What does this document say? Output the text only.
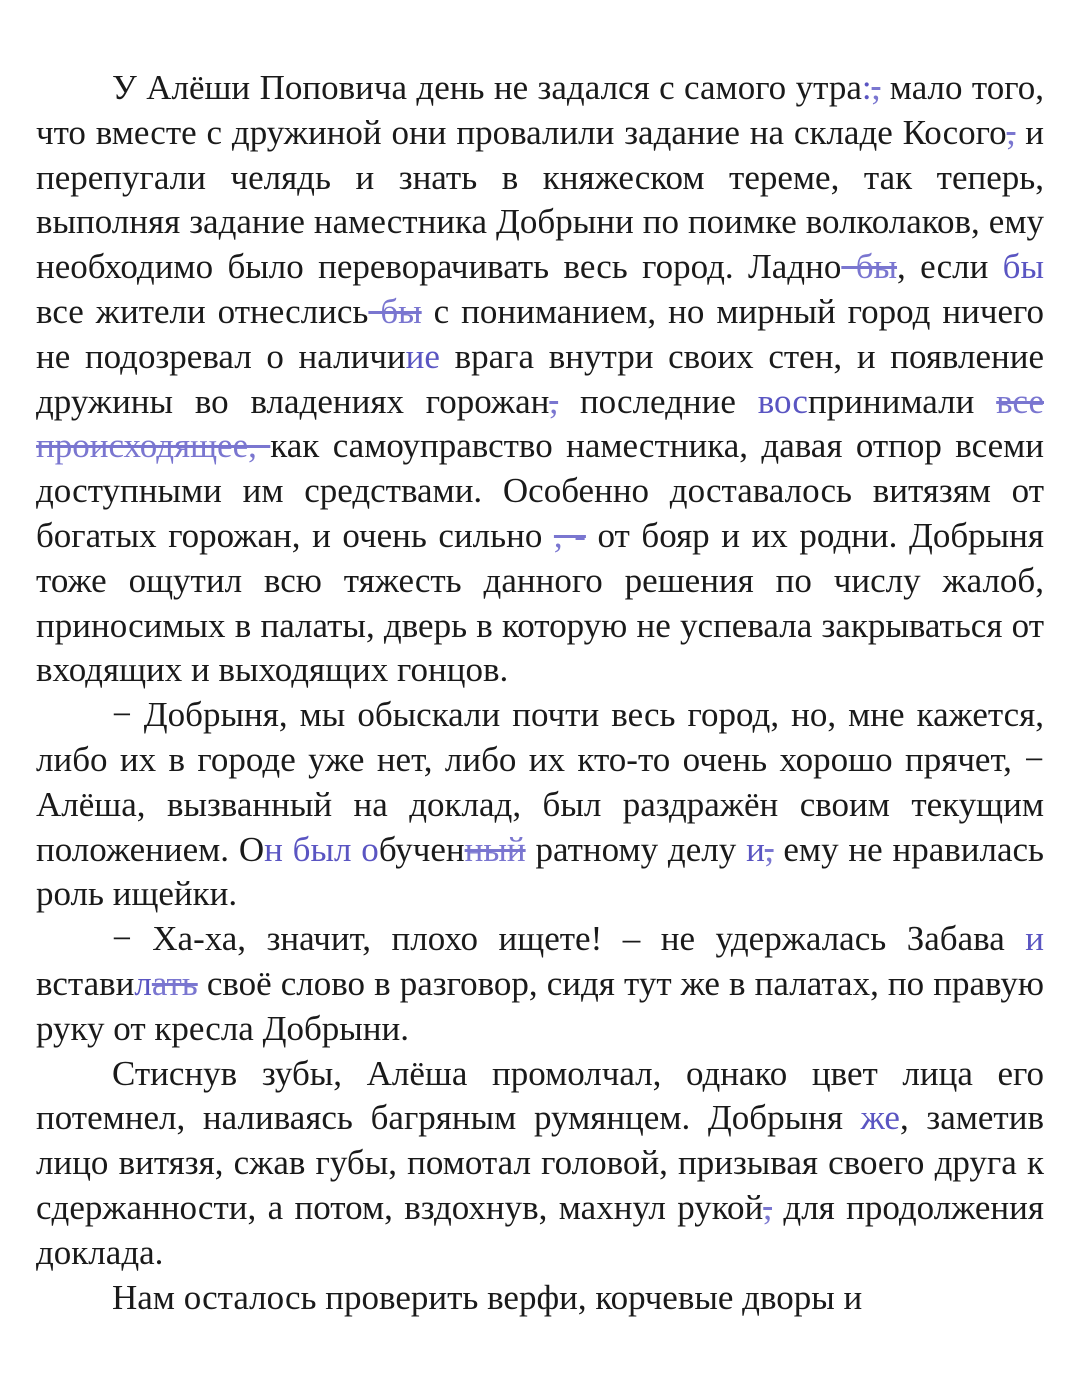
У Алёши Поповича день не задался с самого утра:, мало того, что вместе с дружиной они провалили задание на складе Косого, и перепугали челядь и знать в княжеском тереме, так теперь, выполняя задание наместника Добрыни по поимке волколаков, ему необходимо было переворачивать весь город. Ладно бы, если бы все жители отнеслись бы с пониманием, но мирный город ничего не подозревал о наличиие врага внутри своих стен, и появление дружины во владениях горожан, последние воспринимали все происходящее, как самоуправство наместника, давая отпор всеми доступными им средствами. Особенно доставалось витязям от богатых горожан, и очень сильно , - от бояр и их родни. Добрыня тоже ощутил всю тяжесть данного решения по числу жалоб, приносимых в палаты, дверь в которую не успевала закрываться от входящих и выходящих гонцов.

− Добрыня, мы обыскали почти весь город, но, мне кажется, либо их в городе уже нет, либо их кто-то очень хорошо прячет, − Алёша, вызванный на доклад, был раздражён своим текущим положением. Он был обученный ратному делу и, ему не нравилась роль ищейки.

− Ха-ха, значит, плохо ищете! – не удержалась Забава и вставилать своё слово в разговор, сидя тут же в палатах, по правую руку от кресла Добрыни.

Стиснув зубы, Алёша промолчал, однако цвет лица его потемнел, наливаясь багряным румянцем. Добрыня же, заметив лицо витязя, сжав губы, помотал головой, призывая своего друга к сдержанности, а потом, вздохнув, махнул рукой, для продолжения доклада.

Нам осталось проверить верфи, корчевые дворы и
